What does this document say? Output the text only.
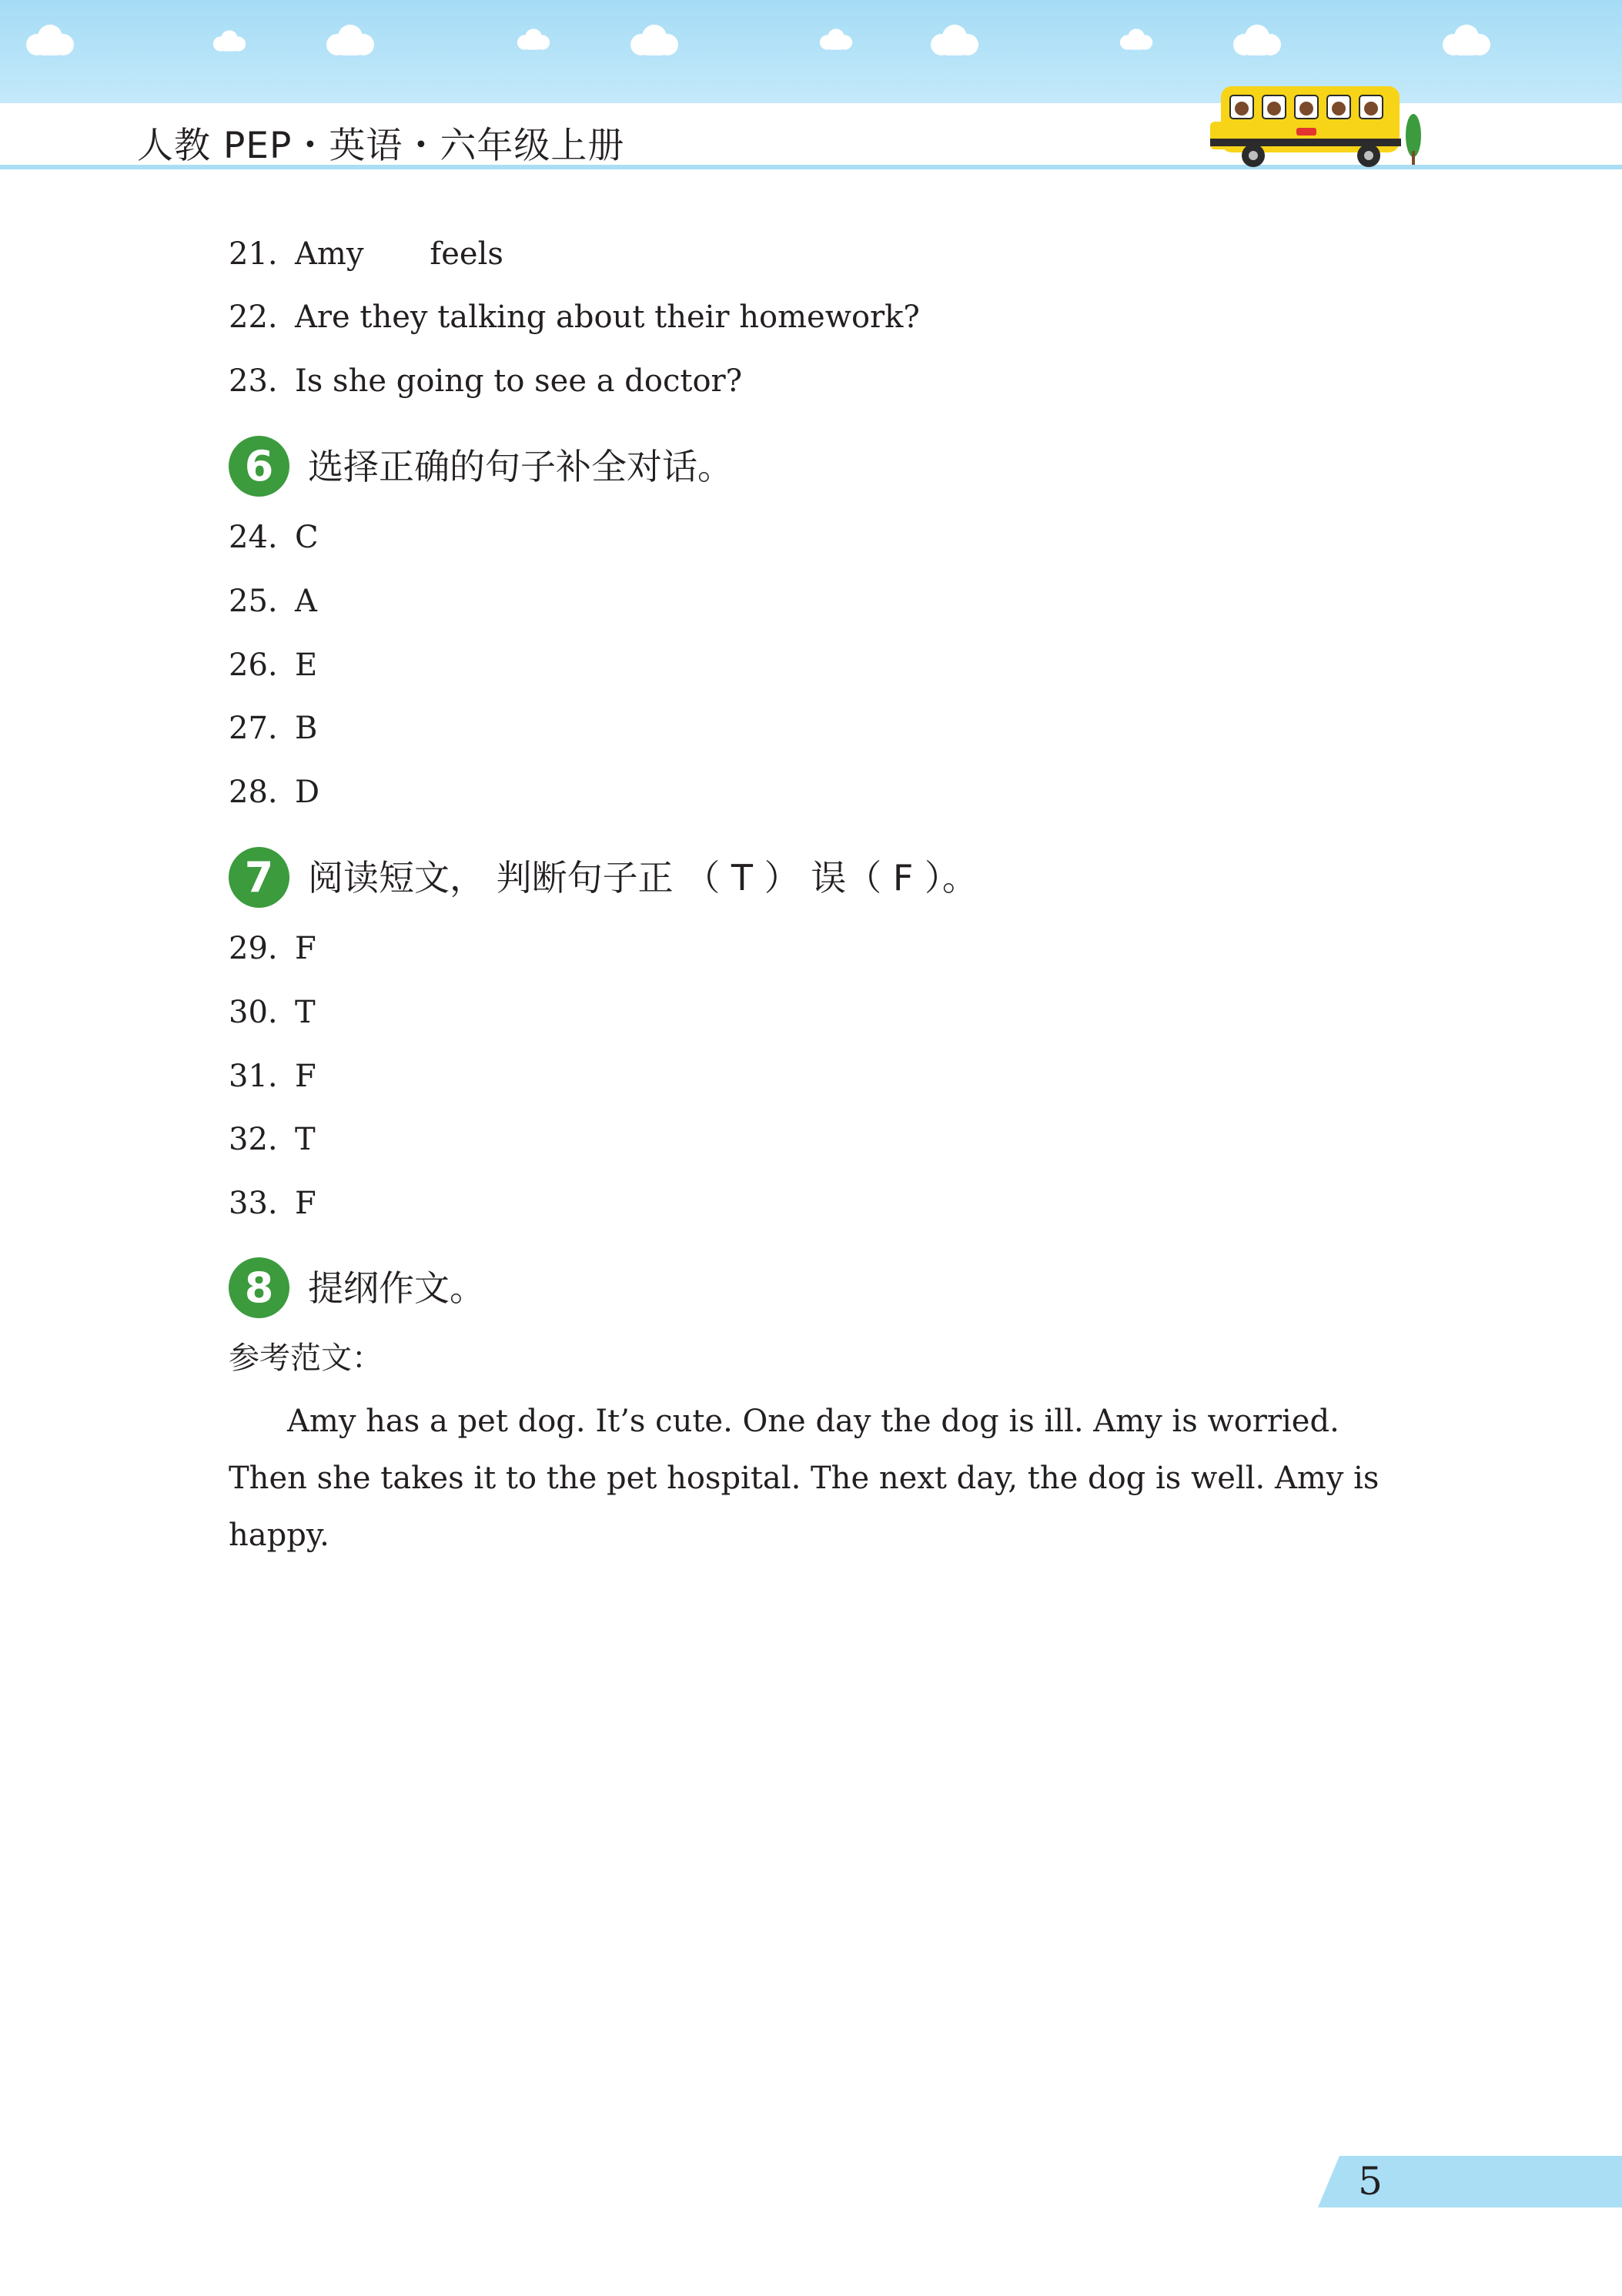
人教 PEP・英语・六年级上册
21. Amy feels
22. Are they talking about their homework?
23. Is she going to see a doctor?
6 选择正确的句子补全对话。
24. C
25. A
26. E
27. B
28. D
7 阅读短文， 判断句子正 （ T ） 误（ F ）。
29. F
30. T
31. F
32. T
33. F
8 提纲作文。
参考范文：

Amy has a pet dog. It’s cute. One day the dog is ill. Amy is worried. Then she takes it to the pet hospital. The next day, the dog is well. Amy is happy.

5
